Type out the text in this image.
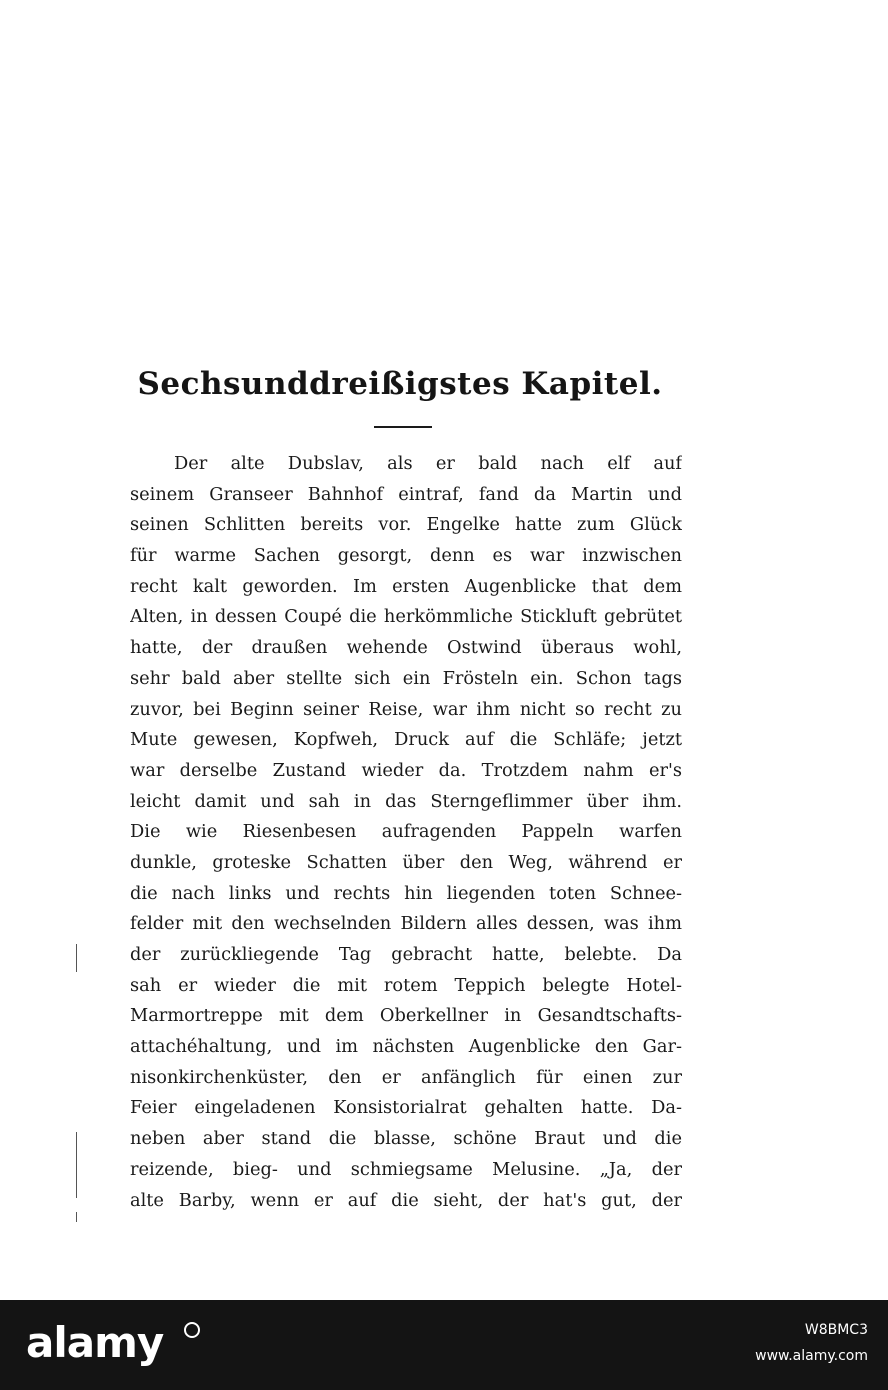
Sechsunddreißigstes Kapitel.
Der alte Dubslav, als er bald nach elf auf
seinem Granseer Bahnhof eintraf, fand da Martin und
seinen Schlitten bereits vor. Engelke hatte zum Glück
für warme Sachen gesorgt, denn es war inzwischen
recht kalt geworden. Im ersten Augenblicke that dem
Alten, in dessen Coupé die herkömmliche Stickluft gebrütet
hatte, der draußen wehende Ostwind überaus wohl,
sehr bald aber stellte sich ein Frösteln ein. Schon tags
zuvor, bei Beginn seiner Reise, war ihm nicht so recht zu
Mute gewesen, Kopfweh, Druck auf die Schläfe; jetzt
war derselbe Zustand wieder da. Trotzdem nahm er's
leicht damit und sah in das Sterngeflimmer über ihm.
Die wie Riesenbesen aufragenden Pappeln warfen
dunkle, groteske Schatten über den Weg, während er
die nach links und rechts hin liegenden toten Schnee-
felder mit den wechselnden Bildern alles dessen, was ihm
der zurückliegende Tag gebracht hatte, belebte. Da
sah er wieder die mit rotem Teppich belegte Hotel-
Marmortreppe mit dem Oberkellner in Gesandtschafts-
attachéhaltung, und im nächsten Augenblicke den Gar-
nisonkirchenküster, den er anfänglich für einen zur
Feier eingeladenen Konsistorialrat gehalten hatte. Da-
neben aber stand die blasse, schöne Braut und die
reizende, bieg- und schmiegsame Melusine. „Ja, der
alte Barby, wenn er auf die sieht, der hat's gut, der
alamy	W8BMC3
www.alamy.com
